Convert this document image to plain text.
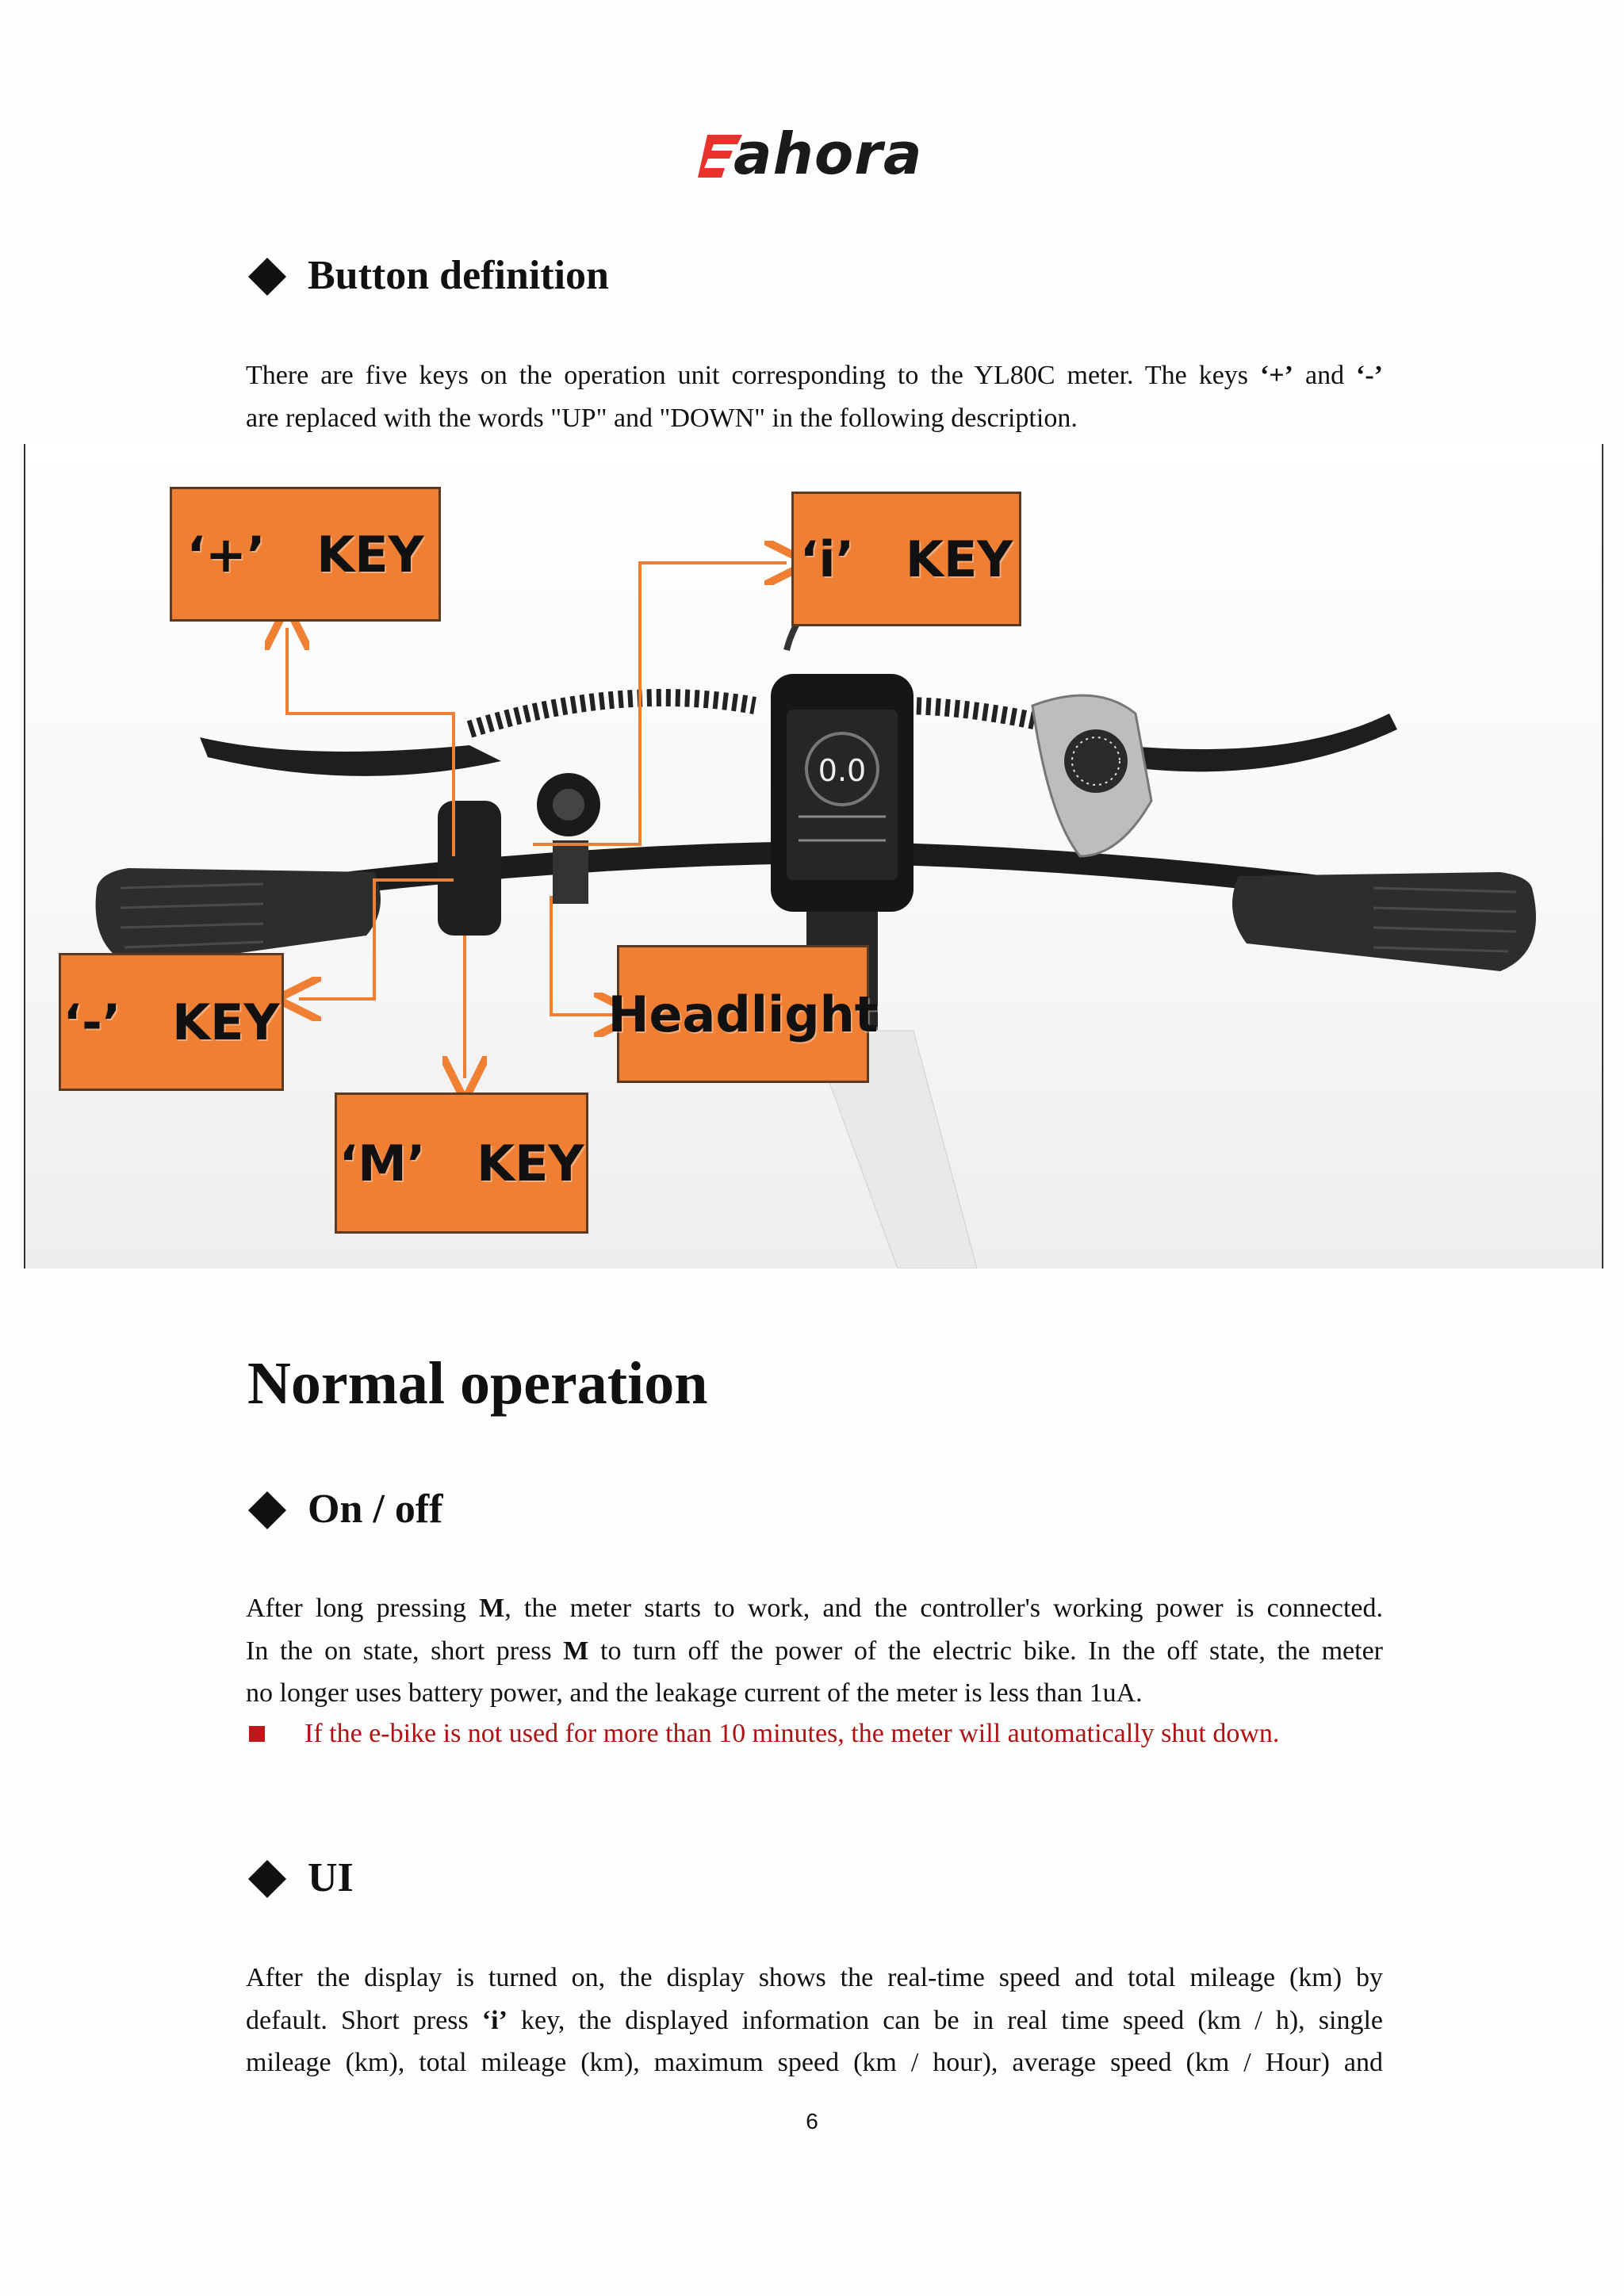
ahora
Button definition

There are five keys on the operation unit corresponding to the YL80C meter. The keys ‘+’ and ‘-’
are replaced with the words "UP" and "DOWN" in the following description.

0.0
‘+’   KEY	‘i’   KEY
‘-’   KEY	Headlight
‘M’   KEY
Normal operation
On / off

After long pressing M, the meter starts to work, and the controller's working power is connected.
In the on state, short press M to turn off the power of the electric bike. In the off state, the meter
no longer uses battery power, and the leakage current of the meter is less than 1uA.

If the e-bike is not used for more than 10 minutes, the meter will automatically shut down.
UI

After the display is turned on, the display shows the real-time speed and total mileage (km) by
default. Short press ‘i’ key, the displayed information can be in real time speed (km / h), single
mileage (km), total mileage (km), maximum speed (km / hour), average speed (km / Hour) and

6
